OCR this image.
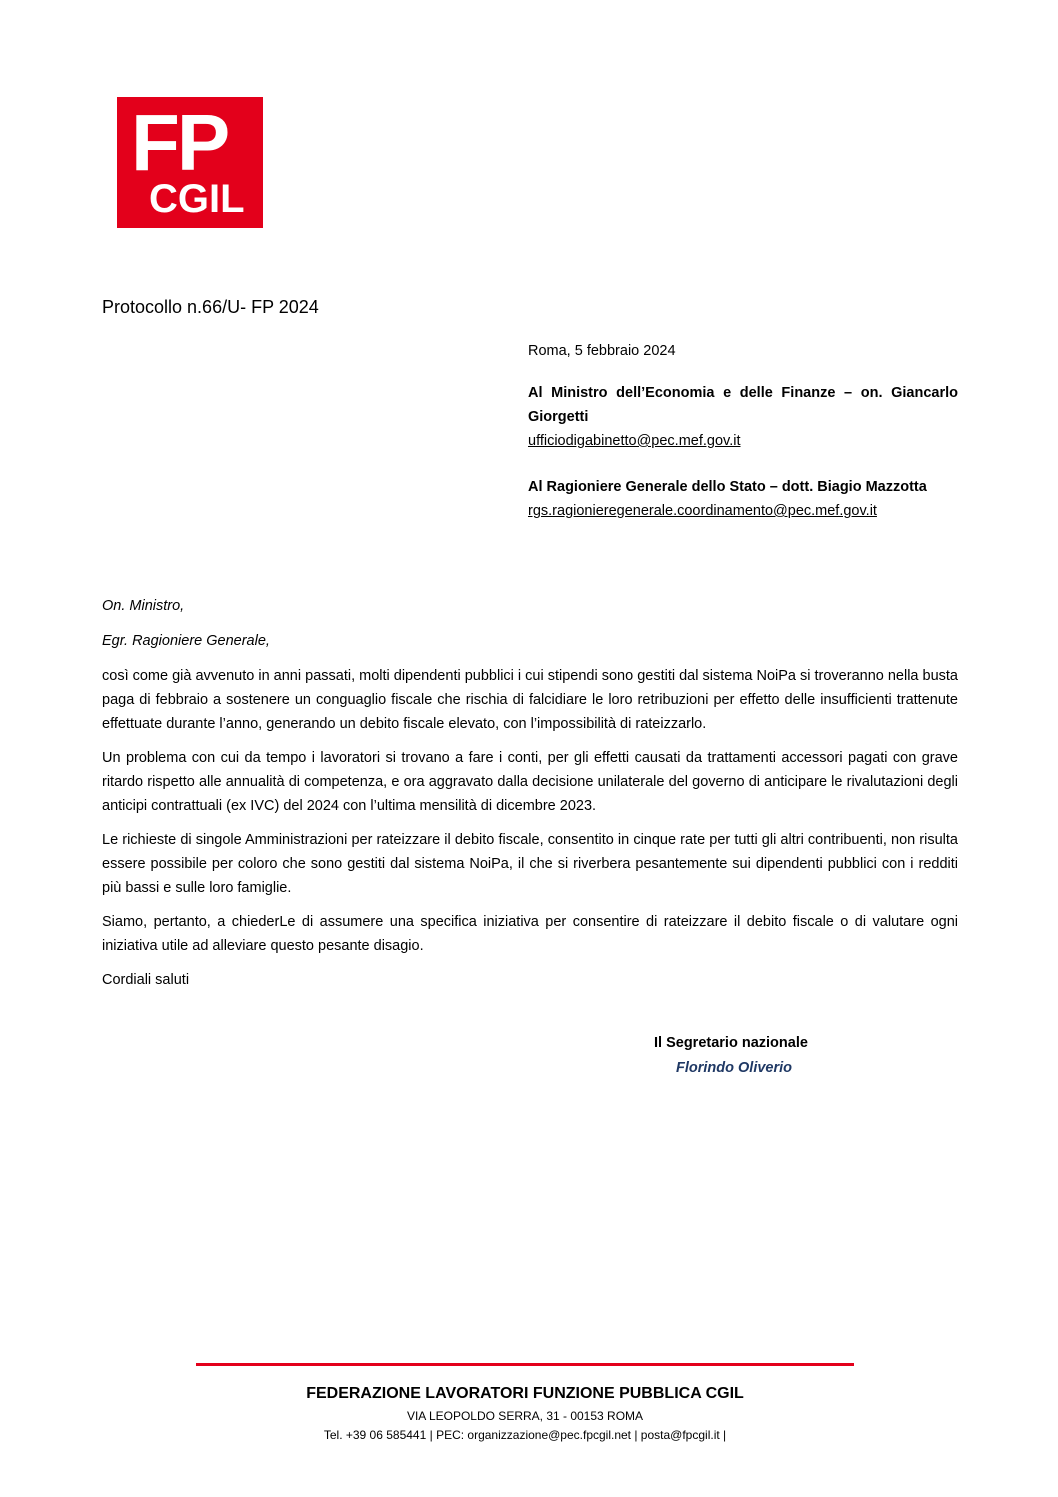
FP
CGIL
Protocollo n.66/U- FP 2024
Roma, 5 febbraio 2024
Al Ministro dell’Economia e delle Finanze – on. Giancarlo Giorgetti
ufficiodigabinetto@pec.mef.gov.it
Al Ragioniere Generale dello Stato – dott. Biagio Mazzotta
rgs.ragionieregenerale.coordinamento@pec.mef.gov.it
On. Ministro,
Egr. Ragioniere Generale,

così come già avvenuto in anni passati, molti dipendenti pubblici i cui stipendi sono gestiti dal sistema NoiPa si troveranno nella busta paga di febbraio a sostenere un conguaglio fiscale che rischia di falcidiare le loro retribuzioni per effetto delle insufficienti trattenute effettuate durante l’anno, generando un debito fiscale elevato, con l’impossibilità di rateizzarlo.

Un problema con cui da tempo i lavoratori si trovano a fare i conti, per gli effetti causati da trattamenti accessori pagati con grave ritardo rispetto alle annualità di competenza, e ora aggravato dalla decisione unilaterale del governo di anticipare le rivalutazioni degli anticipi contrattuali (ex IVC) del 2024 con l’ultima mensilità di dicembre 2023.

Le richieste di singole Amministrazioni per rateizzare il debito fiscale, consentito in cinque rate per tutti gli altri contribuenti, non risulta essere possibile per coloro che sono gestiti dal sistema NoiPa, il che si riverbera pesantemente sui dipendenti pubblici con i redditi più bassi e sulle loro famiglie.

Siamo, pertanto, a chiederLe di assumere una specifica iniziativa per consentire di rateizzare il debito fiscale o di valutare ogni iniziativa utile ad alleviare questo pesante disagio.

Cordiali saluti

Il Segretario nazionale
Florindo Oliverio
FEDERAZIONE LAVORATORI FUNZIONE PUBBLICA CGIL
VIA LEOPOLDO SERRA, 31 - 00153 ROMA
Tel. +39 06 585441 | PEC: organizzazione@pec.fpcgil.net | posta@fpcgil.it |
